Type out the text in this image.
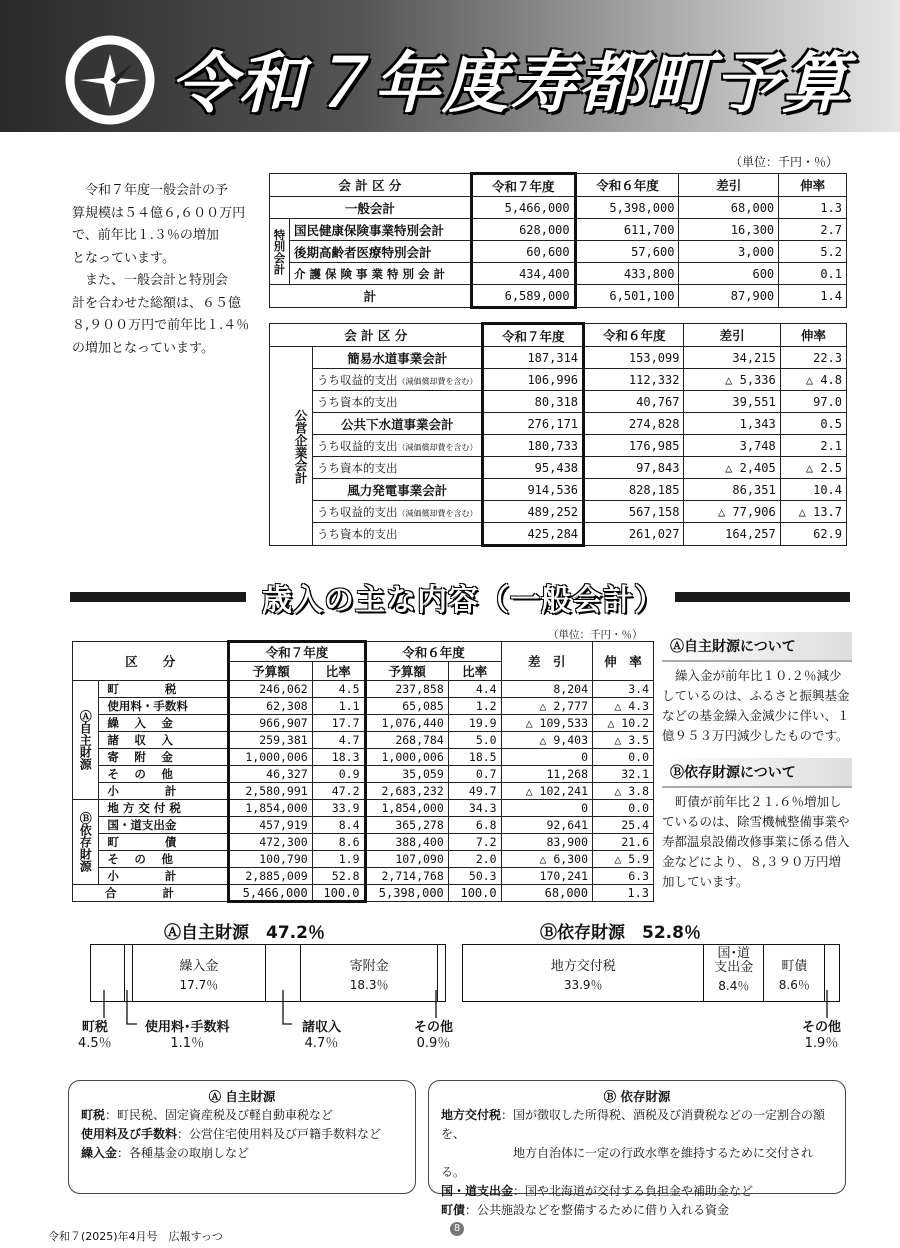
令和７年度寿都町予算
令和７年度一般会計の予
算規模は５４億６,６００万円
で、前年比１.３％の増加
となっています。
また、一般会計と特別会
計を合わせた総額は、６５億
８,９００万円で前年比１.４％
の増加となっています。
（単位：千円・％）
会 計 区 分		令和７年度	令和６年度	差引	伸率
一般会計		5,466,000	5,398,000	68,000	1.3
特別会計	国民健康保険事業特別会計	628,000	611,700	16,300	2.7
	後期高齢者医療特別会計	60,600	57,600	3,000	5.2
	介 護 保 険 事 業 特 別 会 計	434,400	433,800	600	0.1
計		6,589,000	6,501,100	87,900	1.4
会 計 区 分			令和７年度	令和６年度	差引	伸率
	公営企業会計	簡易水道事業会計	187,314	153,099	34,215	22.3
		うち収益的支出（減価償却費を含む）	106,996	112,332	△ 5,336	△ 4.8
		うち資本的支出	80,318	40,767	39,551	97.0
		公共下水道事業会計	276,171	274,828	1,343	0.5
		うち収益的支出（減価償却費を含む）	180,733	176,985	3,748	2.1
		うち資本的支出	95,438	97,843	△ 2,405	△ 2.5
		風力発電事業会計	914,536	828,185	86,351	10.4
		うち収益的支出（減価償却費を含む）	489,252	567,158	△ 77,906	△ 13.7
		うち資本的支出	425,284	261,027	164,257	62.9
歳入の主な内容（一般会計）
（単位：千円・％）
区　　分		令和７年度		令和６年度		差　引	伸　率
		予算額	比率	予算額	比率		
Ⓐ自主財源	町　　　　税	246,062	4.5	237,858	4.4	8,204	3.4
	使用料・手数料	62,308	1.1	65,085	1.2	△ 2,777	△ 4.3
	繰　 入　 金	966,907	17.7	1,076,440	19.9	△ 109,533	△ 10.2
	諸　 収　 入	259,381	4.7	268,784	5.0	△ 9,403	△ 3.5
	寄　 附　 金	1,000,006	18.3	1,000,006	18.5	0	0.0
	そ　 の　 他	46,327	0.9	35,059	0.7	11,268	32.1
	小　　　　計	2,580,991	47.2	2,683,232	49.7	△ 102,241	△ 3.8
Ⓑ依存財源	地 方 交 付 税	1,854,000	33.9	1,854,000	34.3	0	0.0
	国・道支出金	457,919	8.4	365,278	6.8	92,641	25.4
	町　　　　債	472,300	8.6	388,400	7.2	83,900	21.6
	そ　 の　 他	100,790	1.9	107,090	2.0	△ 6,300	△ 5.9
	小　　　　計	2,885,009	52.8	2,714,768	50.3	170,241	6.3
合　　　　計		5,466,000	100.0	5,398,000	100.0	68,000	1.3
Ⓐ自主財源について

繰入金が前年比１０.２％減少しているのは、ふるさと振興基金などの基金繰入金減少に伴い、１億９５３万円減少したものです。

Ⓑ依存財源について

町債が前年比２１.６％増加しているのは、除雪機械整備事業や寿都温泉設備改修事業に係る借入金などにより、８,３９０万円増加しています。

Ⓐ自主財源　47.2％	Ⓑ依存財源　52.8％
繰入金
17.7％
寄附金
18.3％
地方交付税
33.9％
国･道
支出金
8.4％
町債
8.6％
町税
4.5％
使用料･手数料
1.1％
諸収入
4.7％
その他
0.9％
その他
1.9％
Ⓐ 自主財源
町税：町民税、固定資産税及び軽自動車税など
使用料及び手数料：公営住宅使用料及び戸籍手数料など
繰入金：各種基金の取崩しなど
Ⓑ 依存財源
地方交付税：国が徴収した所得税、酒税及び消費税などの一定割合の額を、
　　　　　　地方自治体に一定の行政水準を維持するために交付される。
国・道支出金：国や北海道が交付する負担金や補助金など
町債：公共施設などを整備するために借り入れる資金
令和７(2025)年4月号　広報すっつ
8
